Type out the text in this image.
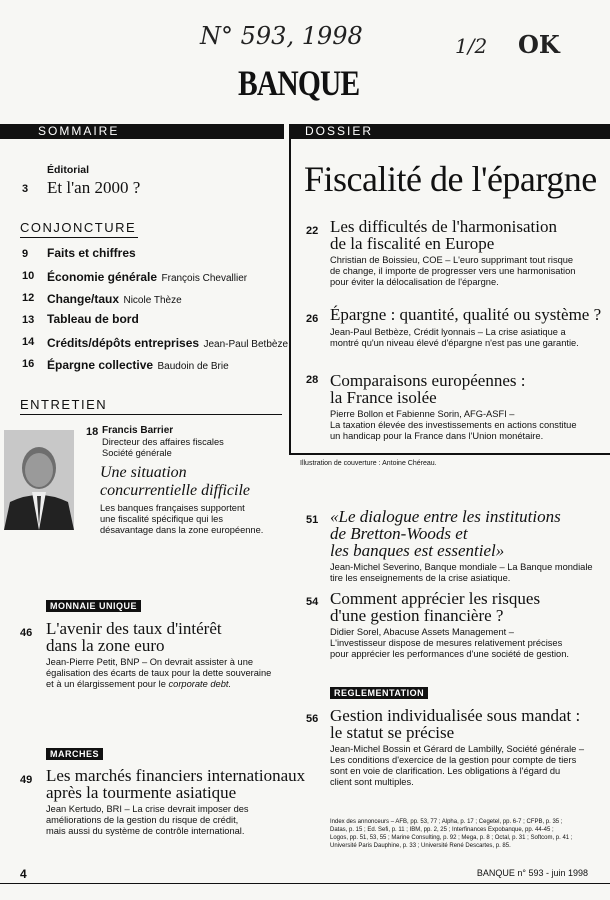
N° 593, 1998	1/2 OK
BANQUE
SOMMAIRE	DOSSIER
Éditorial
3 Et l'an 2000 ?
CONJONCTURE
9 Faits et chiffres
10 Économie générale François Chevallier
12 Change/taux Nicole Thèze
13 Tableau de bord
14 Crédits/dépôts entreprises Jean-Paul Betbèze
16 Épargne collective Baudoin de Brie
ENTRETIEN
18 Francis Barrier
Directeur des affaires fiscales
Société générale
Une situation
concurrentielle difficile
Les banques françaises supportent
une fiscalité spécifique qui les
désavantage dans la zone européenne.
MONNAIE UNIQUE
46 L'avenir des taux d'intérêt
dans la zone euro
Jean-Pierre Petit, BNP – On devrait assister à une
égalisation des écarts de taux pour la dette souveraine
et à un élargissement pour le corporate debt.
MARCHES
49 Les marchés financiers internationaux
après la tourmente asiatique
Jean Kertudo, BRI – La crise devrait imposer des
améliorations de la gestion du risque de crédit,
mais aussi du système de contrôle international.
Fiscalité de l'épargne
22 Les difficultés de l'harmonisation
de la fiscalité en Europe
Christian de Boissieu, COE – L'euro supprimant tout risque
de change, il importe de progresser vers une harmonisation
pour éviter la délocalisation de l'épargne.
26 Épargne : quantité, qualité ou système ?
Jean-Paul Betbèze, Crédit lyonnais – La crise asiatique a
montré qu'un niveau élevé d'épargne n'est pas une garantie.
28 Comparaisons européennes :
la France isolée
Pierre Bollon et Fabienne Sorin, AFG-ASFI –
La taxation élevée des investissements en actions constitue
un handicap pour la France dans l'Union monétaire.
Illustration de couverture : Antoine Chéreau.
51 «Le dialogue entre les institutions
de Bretton-Woods et
les banques est essentiel»
Jean-Michel Severino, Banque mondiale – La Banque mondiale
tire les enseignements de la crise asiatique.
54 Comment apprécier les risques
d'une gestion financière ?
Didier Sorel, Abacuse Assets Management –
L'investisseur dispose de mesures relativement précises
pour apprécier les performances d'une société de gestion.
REGLEMENTATION
56 Gestion individualisée sous mandat :
le statut se précise
Jean-Michel Bossin et Gérard de Lambilly, Société générale –
Les conditions d'exercice de la gestion pour compte de tiers
sont en voie de clarification. Les obligations à l'égard du
client sont multiples.
Index des annonceurs – AFB, pp. 53, 77 ; Alpha, p. 17 ; Cegetel, pp. 6-7 ; CFPB, p. 35 ;
Datas, p. 15 ; Ed. Sefi, p. 11 ; IBM, pp. 2, 25 ; Interfinances Expobanque, pp. 44-45 ;
Logos, pp. 51, 53, 55 ; Marine Consulting, p. 92 ; Mega, p. 8 ; Octal, p. 31 ; Softcom, p. 41 ;
Université Paris Dauphine, p. 33 ; Université René Descartes, p. 85.
4	BANQUE n° 593 - juin 1998
